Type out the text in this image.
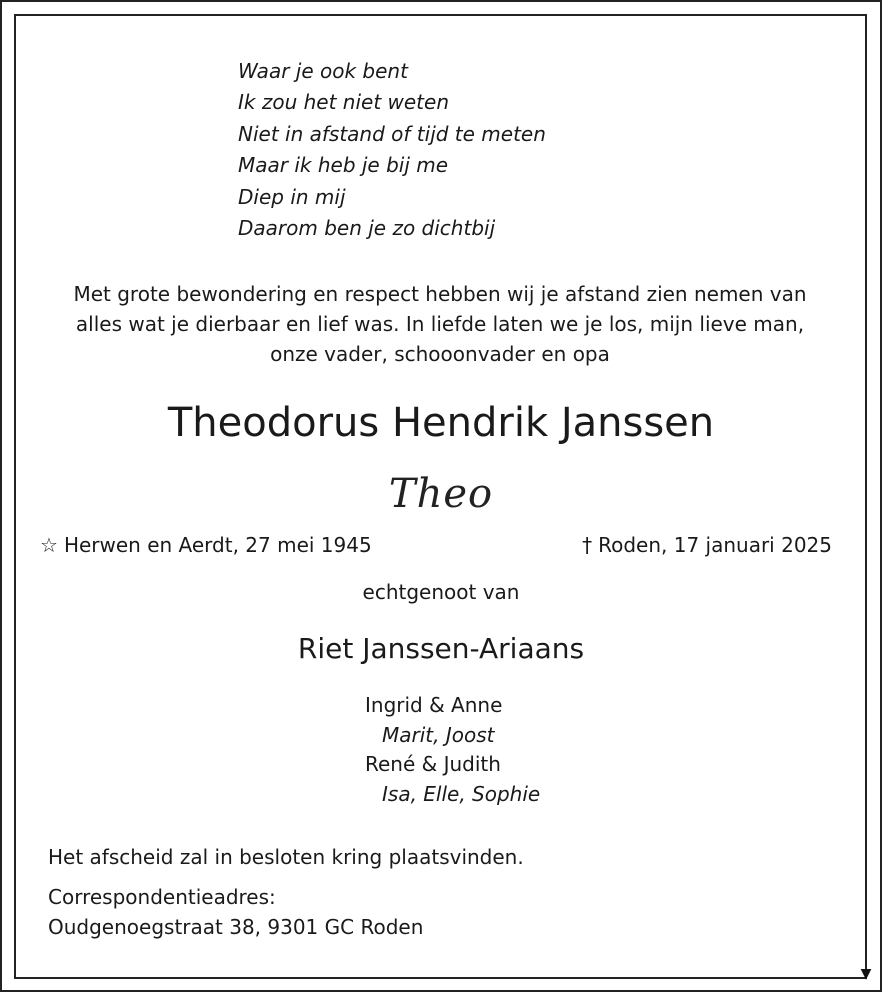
▼
Waar je ook bent
Ik zou het niet weten
Niet in afstand of tijd te meten
Maar ik heb je bij me
Diep in mij
Daarom ben je zo dichtbij
Met grote bewondering en respect hebben wij je afstand zien nemen van
alles wat je dierbaar en lief was. In liefde laten we je los, mijn lieve man,
onze vader, schooonvader en opa
Theodorus Hendrik Janssen
Theo
☆ Herwen en Aerdt, 27 mei 1945	† Roden, 17 januari 2025
echtgenoot van
Riet Janssen-Ariaans
Ingrid & Anne
Marit, Joost
René & Judith
Isa, Elle, Sophie
Het afscheid zal in besloten kring plaatsvinden.
Correspondentieadres:
Oudgenoegstraat 38, 9301 GC Roden
